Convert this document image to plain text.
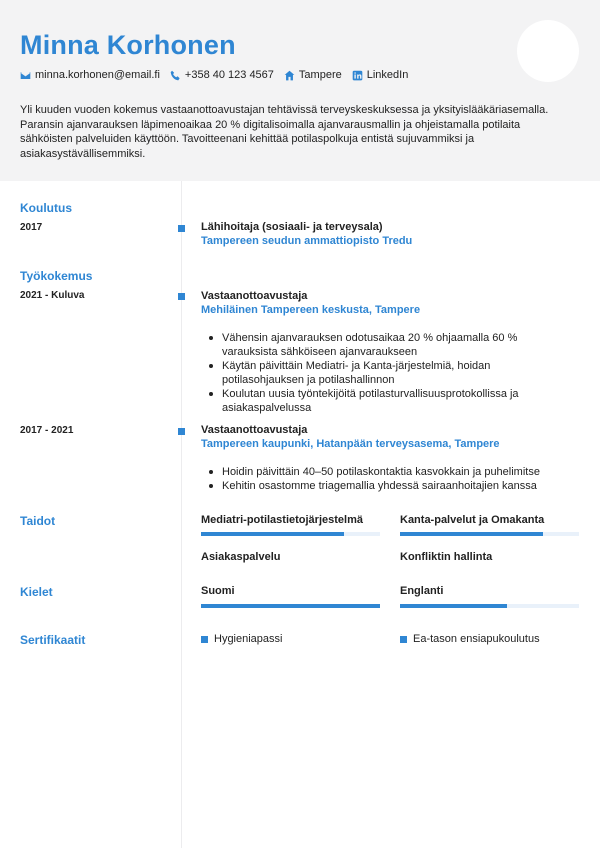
Minna Korhonen
minna.korhonen@email.fi +358 40 123 4567 Tampere LinkedIn
Yli kuuden vuoden kokemus vastaanottoavustajan tehtävissä terveyskeskuksessa ja yksityislääkäriasemalla. Paransin ajanvarauksen läpimenoaikaa 20 % digitalisoimalla ajanvarausmallin ja ohjeistamalla potilaita sähköisten palveluiden käyttöön. Tavoitteenani kehittää potilaspolkuja entistä sujuvammiksi ja asiakasystävällisemmiksi.
Koulutus
2017	Lähihoitaja (sosiaali- ja terveysala)
Tampereen seudun ammattiopisto Tredu
Työkokemus
2021 - Kuluva	Vastaanottoavustaja
Mehiläinen Tampereen keskusta, Tampere
Vähensin ajanvarauksen odotusaikaa 20 % ohjaamalla 60 % varauksista sähköiseen ajanvaraukseen
Käytän päivittäin Mediatri- ja Kanta-järjestelmiä, hoidan potilasohjauksen ja potilashallinnon
Koulutan uusia työntekijöitä potilasturvallisuusprotokollissa ja asiakaspalvelussa
2017 - 2021	Vastaanottoavustaja
Tampereen kaupunki, Hatanpään terveysasema, Tampere
Hoidin päivittäin 40–50 potilaskontaktia kasvokkain ja puhelimitse
Kehitin osastomme triagemallia yhdessä sairaanhoitajien kanssa
Taidot	Mediatri-potilastietojärjestelmä	Kanta-palvelut ja Omakanta
Asiakaspalvelu	Konfliktin hallinta
Kielet	Suomi	Englanti
Sertifikaatit	Hygieniapassi	Ea-tason ensiapukoulutus
